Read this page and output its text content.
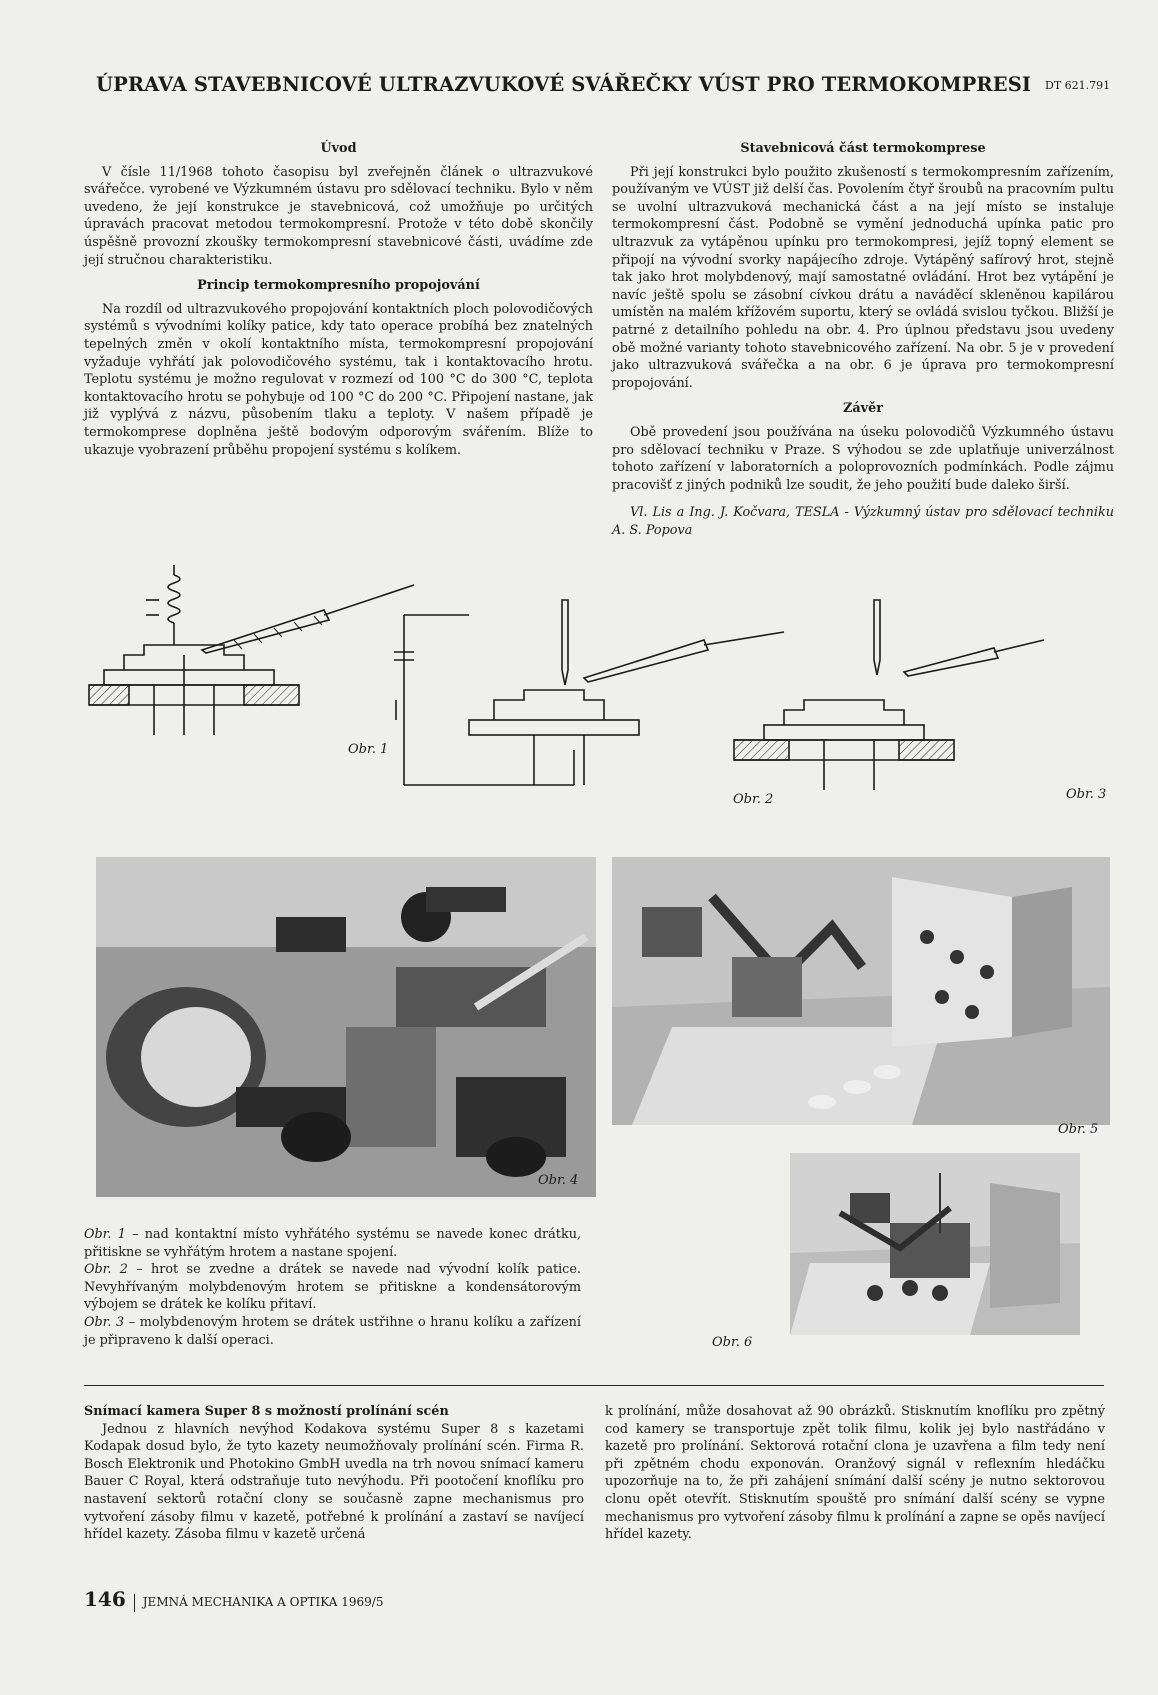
ÚPRAVA STAVEBNICOVÉ ULTRAZVUKOVÉ SVÁŘEČKY VÚST PRO TERMOKOMPRESI DT 621.791
Úvod

V čísle 11/1968 tohoto časopisu byl zveřejněn článek o ultrazvukové svářečce. vyrobené ve Výzkumném ústavu pro sdělovací techniku. Bylo v něm uvedeno, že její konstrukce je stavebnicová, což umožňuje po určitých úpravách pracovat metodou termokompresní. Protože v této době skončily úspěšně provozní zkoušky termokompresní stavebnicové části, uvádíme zde její stručnou charakteristiku.

Princip termokompresního propojování

Na rozdíl od ultrazvukového propojování kontaktních ploch polovodičových systémů s vývodními kolíky patice, kdy tato operace probíhá bez znatelných tepelných změn v okolí kontaktního místa, termokompresní propojování vyžaduje vyhřátí jak polovodičového systému, tak i kontaktovacího hrotu. Teplotu systému je možno regulovat v rozmezí od 100 °C do 300 °C, teplota kontaktovacího hrotu se pohybuje od 100 °C do 200 °C. Připojení nastane, jak již vyplývá z názvu, působením tlaku a teploty. V našem případě je termokomprese doplněna ještě bodovým odporovým svářením. Blíže to ukazuje vyobrazení průběhu propojení systému s kolíkem.

Stavebnicová část termokomprese

Při její konstrukci bylo použito zkušeností s termokompresním zařízením, používaným ve VÚST již delší čas. Povolením čtyř šroubů na pracovním pultu se uvolní ultrazvuková mechanická část a na její místo se instaluje termokompresní část. Podobně se vymění jednoduchá upínka patic pro ultrazvuk za vytápěnou upínku pro termokompresi, jejíž topný element se připojí na vývodní svorky napájecího zdroje. Vytápěný safírový hrot, stejně tak jako hrot molybdenový, mají samostatné ovládání. Hrot bez vytápění je navíc ještě spolu se zásobní cívkou drátu a naváděcí skleněnou kapilárou umístěn na malém křížovém suportu, který se ovládá svislou tyčkou. Bližší je patrné z detailního pohledu na obr. 4. Pro úplnou představu jsou uvedeny obě možné varianty tohoto stavebnicového zařízení. Na obr. 5 je v provedení jako ultrazvuková svářečka a na obr. 6 je úprava pro termokompresní propojování.

Závěr

Obě provedení jsou používána na úseku polovodičů Výzkumného ústavu pro sdělovací techniku v Praze. S výhodou se zde uplatňuje univerzálnost tohoto zařízení v laboratorních a poloprovozních podmínkách. Podle zájmu pracovišť z jiných podniků lze soudit, že jeho použití bude daleko širší.

Vl. Lis a Ing. J. Kočvara, TESLA - Výzkumný ústav pro sdělovací techniku A. S. Popova

Obr. 1
Obr. 2	Obr. 3
Obr. 4
Obr. 5
Obr. 6

Obr. 1 – nad kontaktní místo vyhřátého systému se navede konec drátku, přitiskne se vyhřátým hrotem a nastane spojení.

Obr. 2 – hrot se zvedne a drátek se navede nad vývodní kolík patice. Nevyhřívaným molybdenovým hrotem se přitiskne a kondensátorovým výbojem se drátek ke kolíku přitaví.

Obr. 3 – molybdenovým hrotem se drátek ustřihne o hranu kolíku a zařízení je připraveno k další operaci.

Snímací kamera Super 8 s možností prolínání scén

Jednou z hlavních nevýhod Kodakova systému Super 8 s kazetami Kodapak dosud bylo, že tyto kazety neumožňovaly prolínání scén. Firma R. Bosch Elektronik und Photokino GmbH uvedla na trh novou snímací kameru Bauer C Royal, která odstraňuje tuto nevýhodu. Při pootočení knoflíku pro nastavení sektorů rotační clony se současně zapne mechanismus pro vytvoření zásoby filmu v kazetě, potřebné k prolínání a zastaví se navíjecí hřídel kazety. Zásoba filmu v kazetě určená

k prolínání, může dosahovat až 90 obrázků. Stisknutím knoflíku pro zpětný cod kamery se transportuje zpět tolik filmu, kolik jej bylo nastřádáno v kazetě pro prolínání. Sektorová rotační clona je uzavřena a film tedy není při zpětném chodu exponován. Oranžový signál v reflexním hledáčku upozorňuje na to, že při zahájení snímání další scény je nutno sektorovou clonu opět otevřít. Stisknutím spouště pro snímání další scény se vypne mechanismus pro vytvoření zásoby filmu k prolínání a zapne se opěs navíjecí hřídel kazety.

146 JEMNÁ MECHANIKA A OPTIKA 1969/5
